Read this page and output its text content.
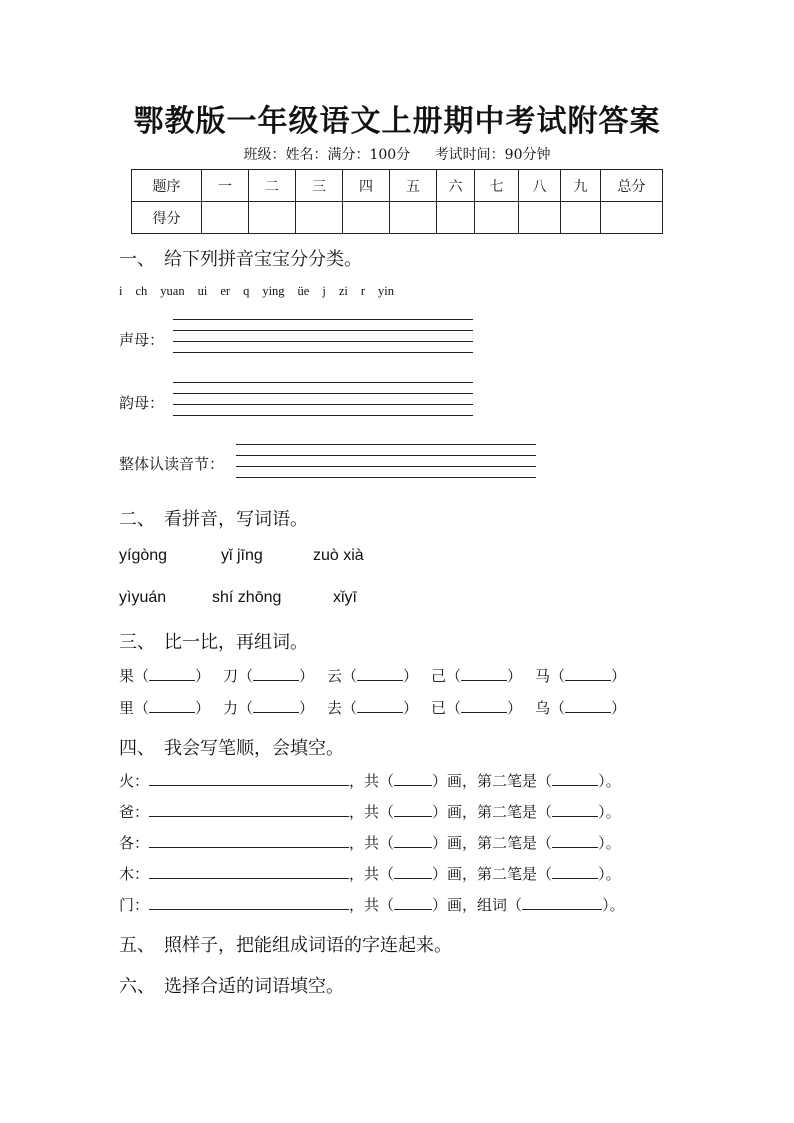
鄂教版一年级语文上册期中考试附答案
班级：姓名：满分：100分 考试时间：90分钟
题序	一	二	三	四	五	六	七	八	九	总分
得分										
一、　给下列拼音宝宝分分类。
i ch yuan ui er q ying üe j zi r yin
声母：
韵母：
整体认读音节：
二、　看拼音，写词语。
yígòng	yǐ jīng	zuò xià
yìyuán	shí zhōng	xǐyī
三、　比一比，再组词。
果（	） 刀（	） 云（	） 己（	） 马（	）
里（	） 力（	） 去（	） 已（	） 乌（	）
四、　我会写笔顺，会填空。
火：	，共（	）画，第二笔是（	）。
爸：	，共（	）画，第二笔是（	）。
各：	，共（	）画，第二笔是（	）。
木：	，共（	）画，第二笔是（	）。
门：	，共（	）画，组词（	）。
五、　照样子，把能组成词语的字连起来。
六、　选择合适的词语填空。
